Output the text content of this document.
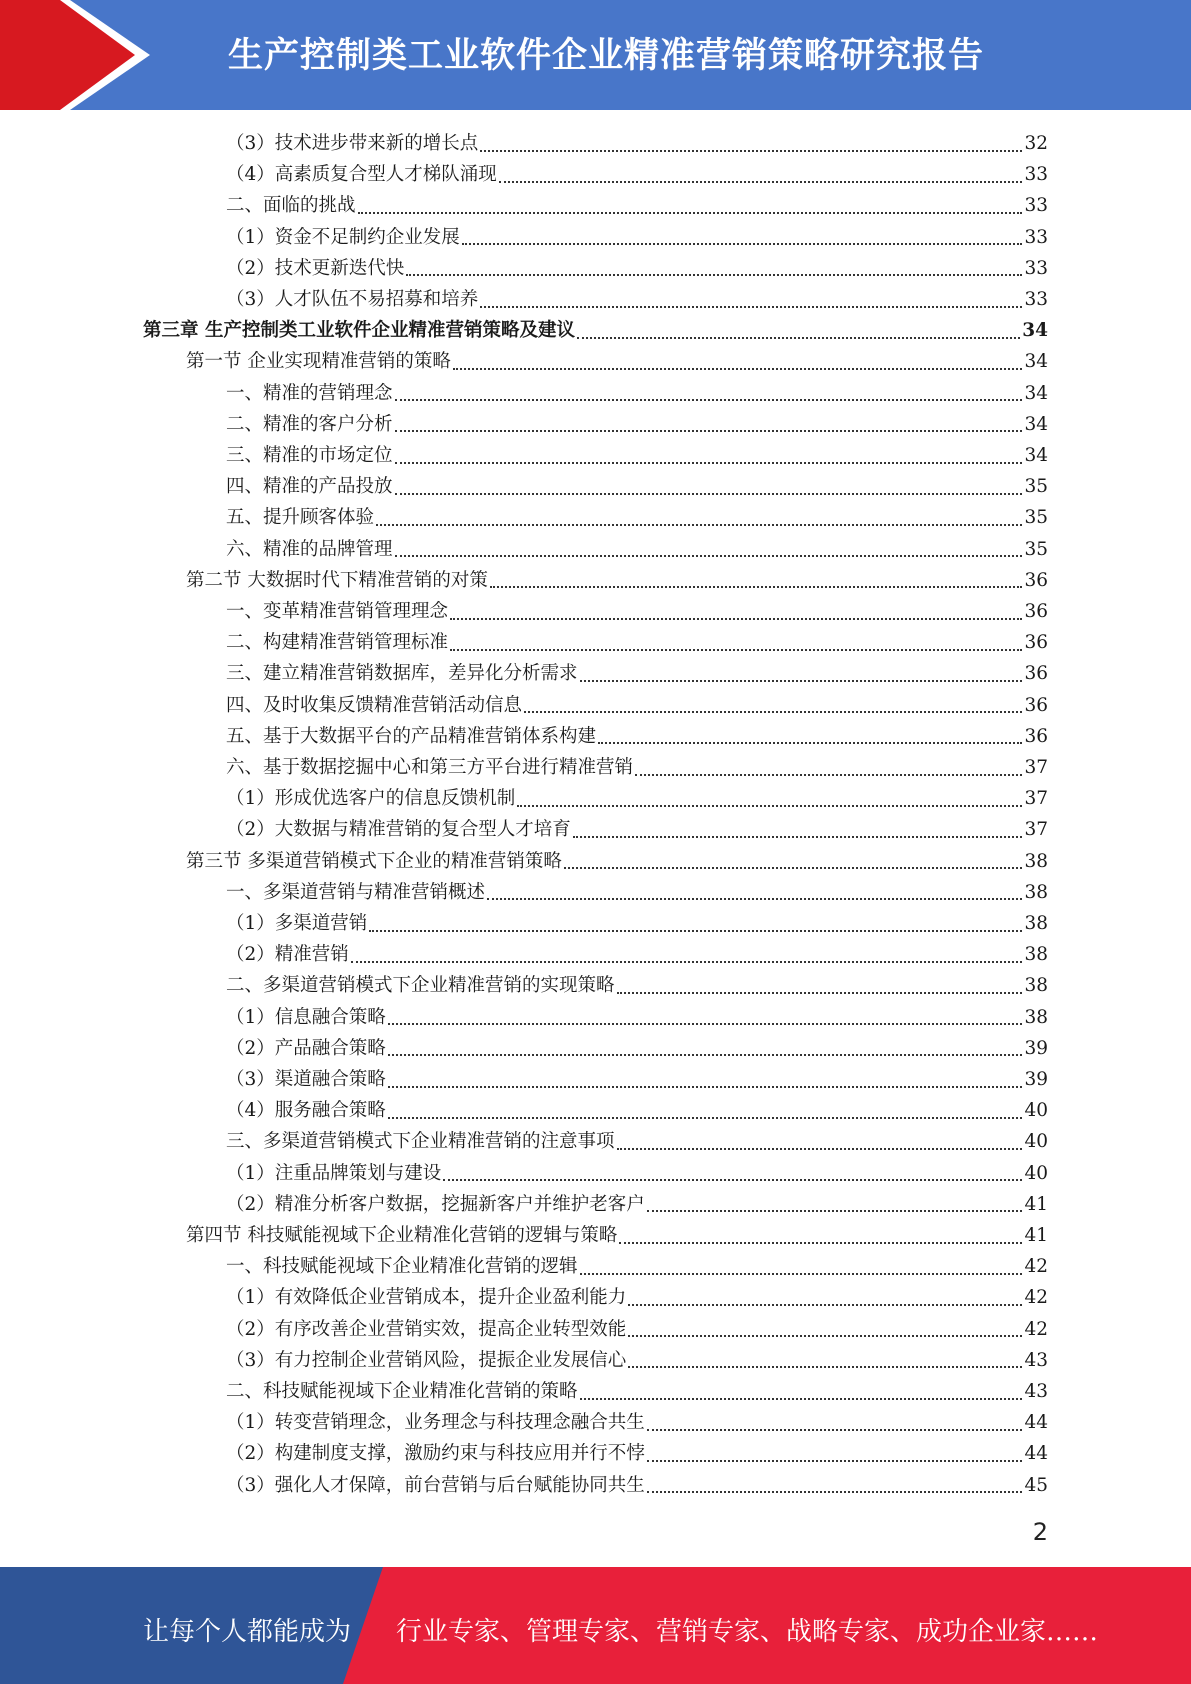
生产控制类工业软件企业精准营销策略研究报告
（3）技术进步带来新的增长点	32
（4）高素质复合型人才梯队涌现	33
二、面临的挑战	33
（1）资金不足制约企业发展	33
（2）技术更新迭代快	33
（3）人才队伍不易招募和培养	33
第三章 生产控制类工业软件企业精准营销策略及建议	34
第一节 企业实现精准营销的策略	34
一、精准的营销理念	34
二、精准的客户分析	34
三、精准的市场定位	34
四、精准的产品投放	35
五、提升顾客体验	35
六、精准的品牌管理	35
第二节 大数据时代下精准营销的对策	36
一、变革精准营销管理理念	36
二、构建精准营销管理标准	36
三、建立精准营销数据库，差异化分析需求	36
四、及时收集反馈精准营销活动信息	36
五、基于大数据平台的产品精准营销体系构建	36
六、基于数据挖掘中心和第三方平台进行精准营销	37
（1）形成优选客户的信息反馈机制	37
（2）大数据与精准营销的复合型人才培育	37
第三节 多渠道营销模式下企业的精准营销策略	38
一、多渠道营销与精准营销概述	38
（1）多渠道营销	38
（2）精准营销	38
二、多渠道营销模式下企业精准营销的实现策略	38
（1）信息融合策略	38
（2）产品融合策略	39
（3）渠道融合策略	39
（4）服务融合策略	40
三、多渠道营销模式下企业精准营销的注意事项	40
（1）注重品牌策划与建设	40
（2）精准分析客户数据，挖掘新客户并维护老客户	41
第四节 科技赋能视域下企业精准化营销的逻辑与策略	41
一、科技赋能视域下企业精准化营销的逻辑	42
（1）有效降低企业营销成本，提升企业盈利能力	42
（2）有序改善企业营销实效，提高企业转型效能	42
（3）有力控制企业营销风险，提振企业发展信心	43
二、科技赋能视域下企业精准化营销的策略	43
（1）转变营销理念，业务理念与科技理念融合共生	44
（2）构建制度支撑，激励约束与科技应用并行不悖	44
（3）强化人才保障，前台营销与后台赋能协同共生	45
2
让每个人都能成为 行业专家、管理专家、营销专家、战略专家、成功企业家……
